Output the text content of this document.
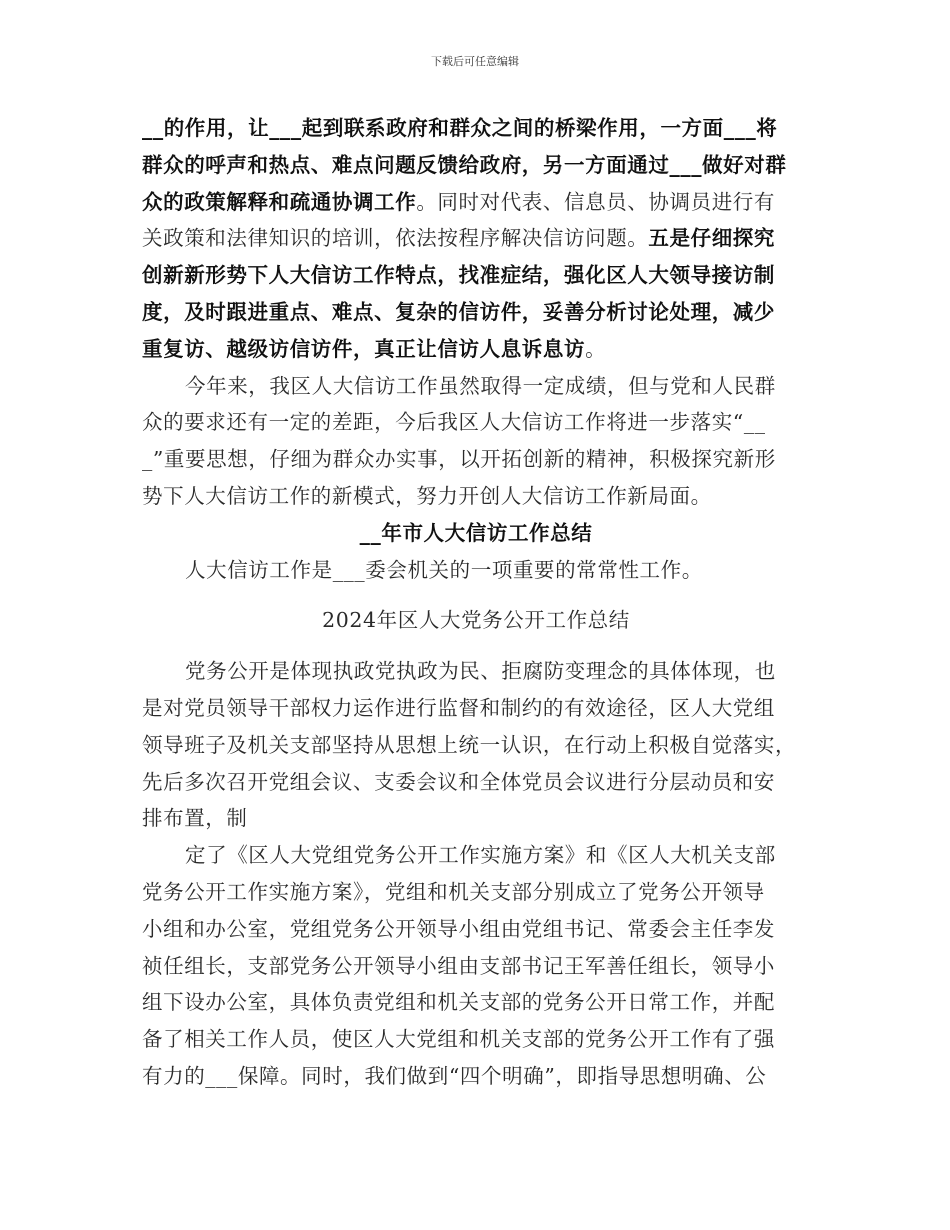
下载后可任意编辑
__的作用，让___起到联系政府和群众之间的桥梁作用，一方面___将
群众的呼声和热点、难点问题反馈给政府，另一方面通过___做好对群
众的政策解释和疏通协调工作。同时对代表、信息员、协调员进行有
关政策和法律知识的培训，依法按程序解决信访问题。五是仔细探究
创新新形势下人大信访工作特点，找准症结，强化区人大领导接访制
度，及时跟进重点、难点、复杂的信访件，妥善分析讨论处理，减少
重复访、越级访信访件，真正让信访人息诉息访。
今年来，我区人大信访工作虽然取得一定成绩，但与党和人民群
众的要求还有一定的差距，今后我区人大信访工作将进一步落实“__
_”重要思想，仔细为群众办实事，以开拓创新的精神，积极探究新形
势下人大信访工作的新模式，努力开创人大信访工作新局面。
__年市人大信访工作总结
人大信访工作是___委会机关的一项重要的常常性工作。
2024年区人大党务公开工作总结
党务公开是体现执政党执政为民、拒腐防变理念的具体体现，也
是对党员领导干部权力运作进行监督和制约的有效途径，区人大党组
领导班子及机关支部坚持从思想上统一认识，在行动上积极自觉落实，
先后多次召开党组会议、支委会议和全体党员会议进行分层动员和安
排布置，制
定了《区人大党组党务公开工作实施方案》和《区人大机关支部
党务公开工作实施方案》，党组和机关支部分别成立了党务公开领导
小组和办公室，党组党务公开领导小组由党组书记、常委会主任李发
祯任组长，支部党务公开领导小组由支部书记王军善任组长，领导小
组下设办公室，具体负责党组和机关支部的党务公开日常工作，并配
备了相关工作人员，使区人大党组和机关支部的党务公开工作有了强
有力的___保障。同时，我们做到“四个明确”，即指导思想明确、公
